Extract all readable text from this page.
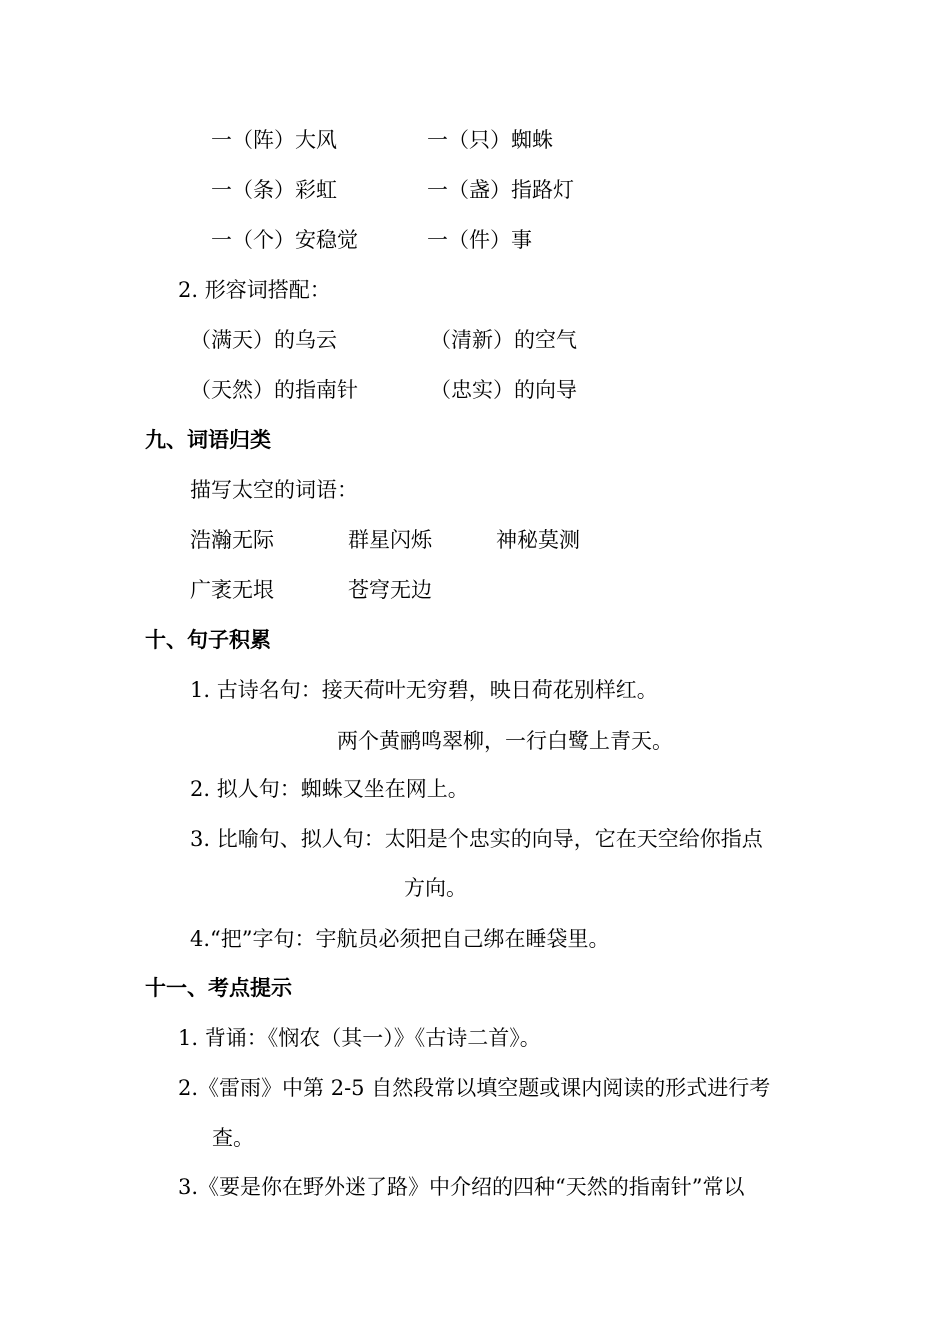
一（阵）大风	一（只）蜘蛛
一（条）彩虹	一（盏）指路灯
一（个）安稳觉	一（件）事
2. 形容词搭配：
（满天）的乌云	（清新）的空气
（天然）的指南针	（忠实）的向导
九、词语归类
描写太空的词语：
浩瀚无际	群星闪烁	神秘莫测
广袤无垠	苍穹无边
十、句子积累
1. 古诗名句：接天荷叶无穷碧，映日荷花别样红。
两个黄鹂鸣翠柳，一行白鹭上青天。
2. 拟人句：蜘蛛又坐在网上。
3. 比喻句、拟人句：太阳是个忠实的向导，它在天空给你指点
方向。
4.“把”字句：宇航员必须把自己绑在睡袋里。
十一、考点提示
1. 背诵：《悯农（其一）》《古诗二首》。
2.《雷雨》中第 2-5 自然段常以填空题或课内阅读的形式进行考
查。
3.《要是你在野外迷了路》中介绍的四种“天然的指南针”常以
